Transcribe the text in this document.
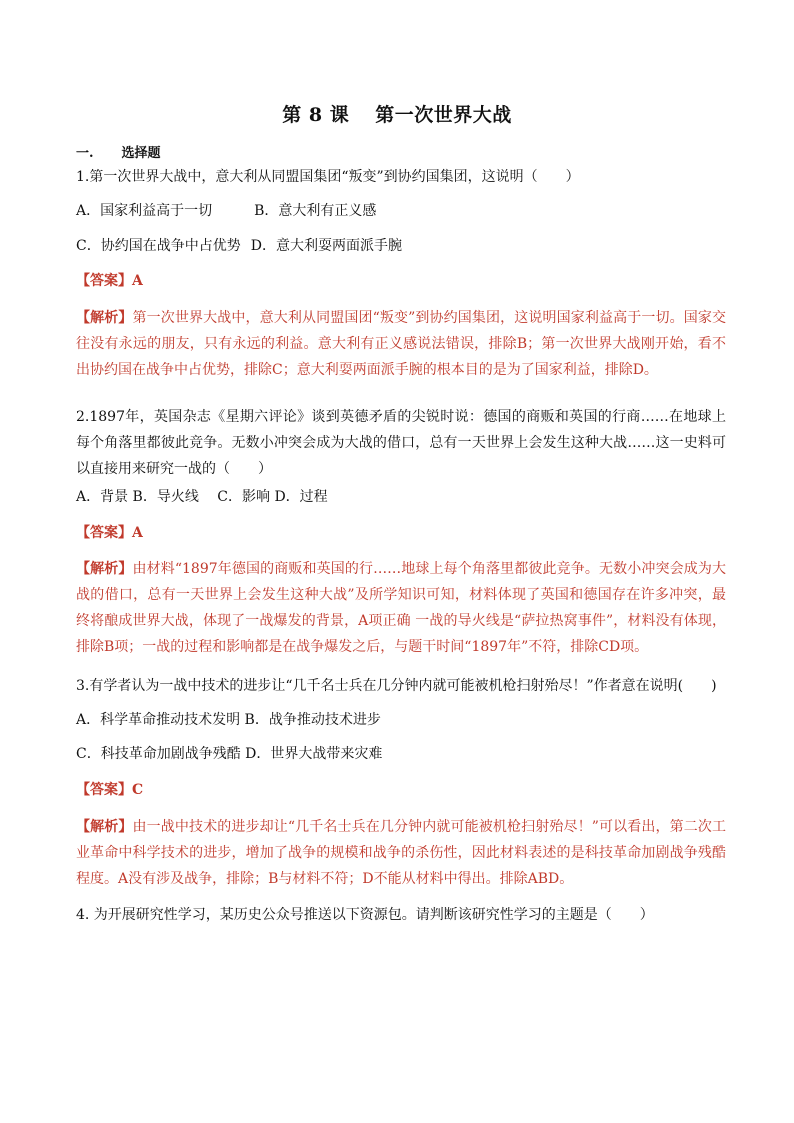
第 8 课 第一次世界大战
一. 选择题
1.第一次世界大战中，意大利从同盟国集团“叛变”到协约国集团，这说明（　　）
A．国家利益高于一切	B．意大利有正义感
C．协约国在战争中占优势 D．意大利耍两面派手腕
【答案】A
【解析】第一次世界大战中，意大利从同盟国团“叛变”到协约国集团，这说明国家利益高于一切。国家交往没有永远的朋友，只有永远的利益。意大利有正义感说法错误，排除B；第一次世界大战刚开始，看不出协约国在战争中占优势，排除C；意大利耍两面派手腕的根本目的是为了国家利益，排除D。
2.1897年，英国杂志《星期六评论》谈到英德矛盾的尖锐时说：德国的商贩和英国的行商……在地球上每个角落里都彼此竞争。无数小冲突会成为大战的借口，总有一天世界上会发生这种大战……这一史料可以直接用来研究一战的（　　）
A．背景 B．导火线　 C．影响 D．过程
【答案】A
【解析】由材料“1897年德国的商贩和英国的行……地球上每个角落里都彼此竞争。无数小冲突会成为大战的借口，总有一天世界上会发生这种大战”及所学知识可知，材料体现了英国和德国存在许多冲突，最终将酿成世界大战，体现了一战爆发的背景，A项正确 一战的导火线是“萨拉热窝事件”，材料没有体现，排除B项；一战的过程和影响都是在战争爆发之后，与题干时间“1897年”不符，排除CD项。
3.有学者认为一战中技术的进步让“几千名士兵在几分钟内就可能被机枪扫射殆尽！”作者意在说明(　　)
A．科学革命推动技术发明 B．战争推动技术进步
C．科技革命加剧战争残酷 D．世界大战带来灾难
【答案】C
【解析】由一战中技术的进步却让“几千名士兵在几分钟内就可能被机枪扫射殆尽！”可以看出，第二次工业革命中科学技术的进步，增加了战争的规模和战争的杀伤性，因此材料表述的是科技革命加剧战争残酷程度。A没有涉及战争，排除；B与材料不符；D不能从材料中得出。排除ABD。
4. 为开展研究性学习，某历史公众号推送以下资源包。请判断该研究性学习的主题是（　　）
